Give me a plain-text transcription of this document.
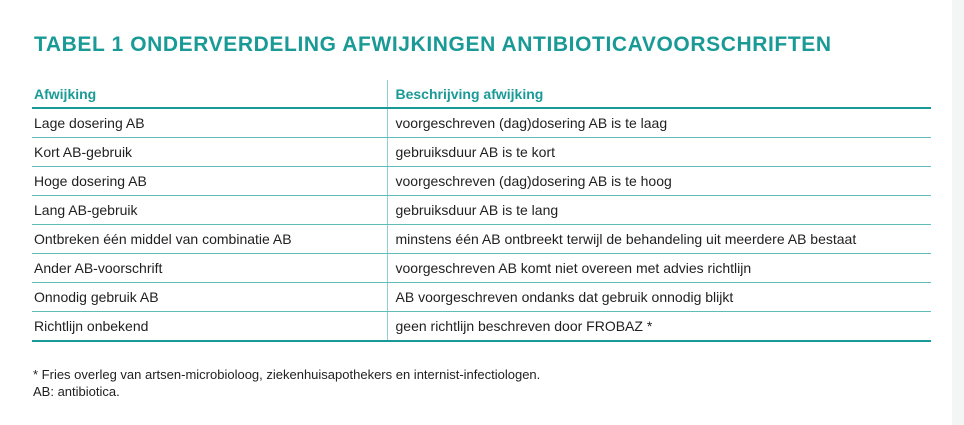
TABEL 1 ONDERVERDELING AFWIJKINGEN ANTIBIOTICAVOORSCHRIFTEN
Afwijking	Beschrijving afwijking
Lage dosering AB	voorgeschreven (dag)dosering AB is te laag
Kort AB-gebruik	gebruiksduur AB is te kort
Hoge dosering AB	voorgeschreven (dag)dosering AB is te hoog
Lang AB-gebruik	gebruiksduur AB is te lang
Ontbreken één middel van combinatie AB	minstens één AB ontbreekt terwijl de behandeling uit meerdere AB bestaat
Ander AB-voorschrift	voorgeschreven AB komt niet overeen met advies richtlijn
Onnodig gebruik AB	AB voorgeschreven ondanks dat gebruik onnodig blijkt
Richtlijn onbekend	geen richtlijn beschreven door FROBAZ *
* Fries overleg van artsen-microbioloog, ziekenhuisapothekers en internist-infectiologen.
AB: antibiotica.
